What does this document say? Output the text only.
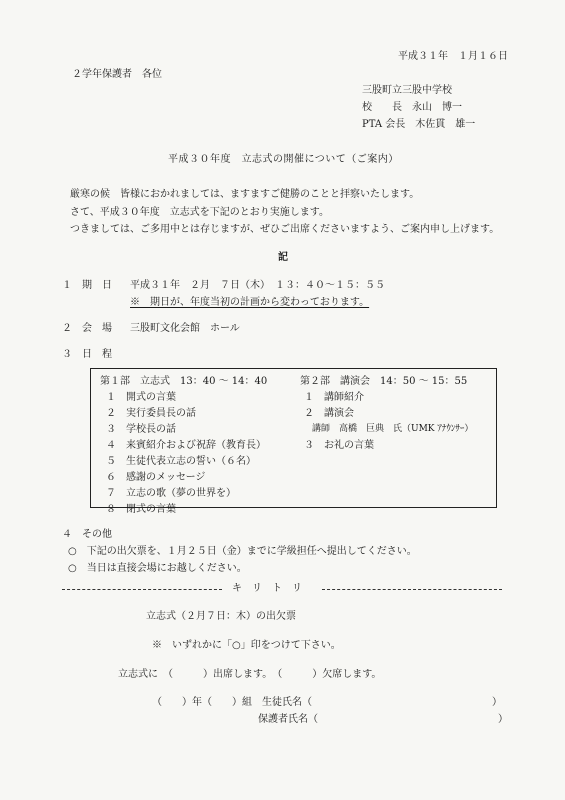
平成３１年　１月１６日
２学年保護者　各位
三股町立三股中学校
校　　長　永山　博一
PTA 会長　木佐貫　雄一
平成３０年度　立志式の開催について（ご案内）
厳寒の候　皆様におかれましては、ますますご健勝のことと拝察いたします。
さて、平成３０年度　立志式を下記のとおり実施します。
つきましては、ご多用中とは存じますが、ぜひご出席くださいますよう、ご案内申し上げます。
記
１　期　日 平成３１年　２月　７日（木）　１３：４０〜１５：５５
※　期日が、年度当初の計画から変わっております。
２　会　場 三股町文化会館　ホール
３　日　程
第１部　立志式　13：40 〜 14：40
１　開式の言葉
２　実行委員長の話
３　学校長の話
４　来賓紹介および祝辞（教育長）
５　生徒代表立志の誓い（６名）
６　感謝のメッセージ
７　立志の歌（夢の世界を）
８　閉式の言葉
第２部　講演会　14：50 〜 15：55
１　講師紹介
２　講演会
講師　高橋　巨典　氏（UMK ｱﾅｳﾝｻｰ）
３　お礼の言葉
４　その他
○　下記の出欠票を、１月２５日（金）までに学級担任へ提出してください。
○　当日は直接会場にお越しください。
キ　リ　ト　リ
立志式（２月７日：木）の出欠票
※　いずれかに「○」印をつけて下さい。
立志式に　（　　　）出席します。　（　　　）欠席します。
（　　）年（　　）組　生徒氏名（　　　　　　　　　　　　　　　　　　）
保護者氏名（　　　　　　　　　　　　　　　　　　）
